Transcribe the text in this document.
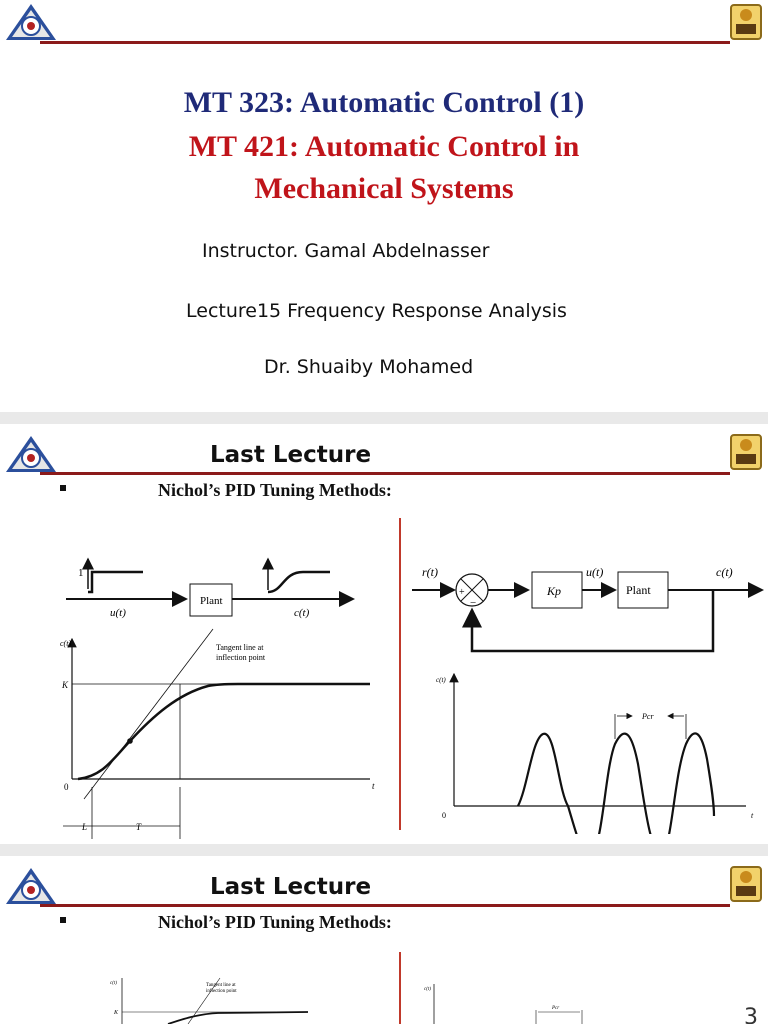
MT 323: Automatic Control (1)
MT 421: Automatic Control in
Mechanical Systems
Instructor. Gamal Abdelnasser
Lecture15 Frequency Response Analysis
Dr. Shuaiby Mohamed
Last Lecture
Nichol’s PID Tuning Methods:
1
u(t)
Plant
c(t)
c(t)
t
0
K
Tangent line at
inflection point
L	T
r(t)
+
−
Kp
u(t)
Plant
c(t)
c(t)
t
0
Pcr
Last Lecture
Nichol’s PID Tuning Methods:
c(t)
K
Tangent line at
inflection point	c(t)
Pcr	3
